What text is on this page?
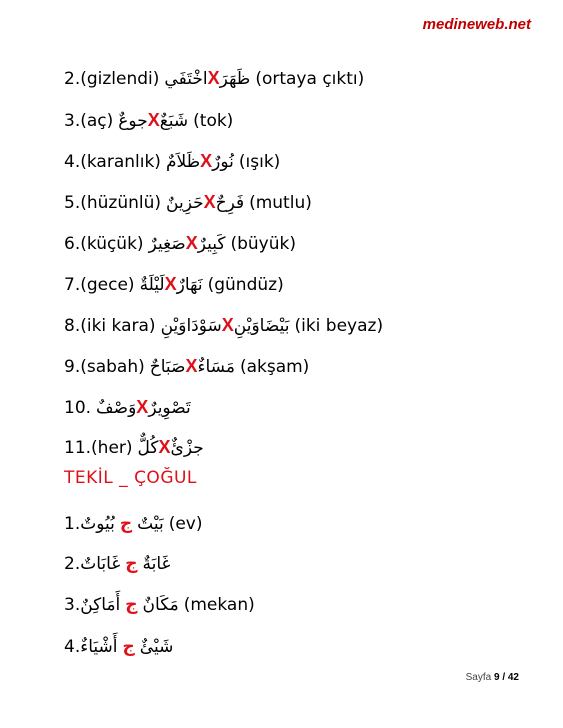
medineweb.net
2.(gizlendi) اخْتَفَيXظَهَرَ (ortaya çıktı)
3.(aç) جوعٌXشَبَعٌ (tok)
4.(karanlık) ظَلاَمٌXنُورٌ (ışık)
5.(hüzünlü) حَزِينٌXفَرِحٌ (mutlu)
6.(küçük) صَغِيرٌXكَبِيرٌ (büyük)
7.(gece) لَيْلَةٌXنَهَارٌ (gündüz)
8.(iki kara) سَوْدَاوَيْنِXبَيْضَاوَيْنِ (iki beyaz)
9.(sabah) صَبَاحٌXمَسَاءٌ (akşam)
10. وَصْفٌXتَصْوِيرٌ
11.(her) كُلٌّXجزْئٌ
TEKİL _ ÇOĞUL
1.بُيُوتٌ ج بَيْتٌ (ev)
2.غَابَاتٌ ج غَابَةٌ
3.أَمَاكِنٌ ج مَكَانٌ (mekan)
4.أَشْيَاءٌ ج شَيْئٌ
Sayfa 9 / 42
